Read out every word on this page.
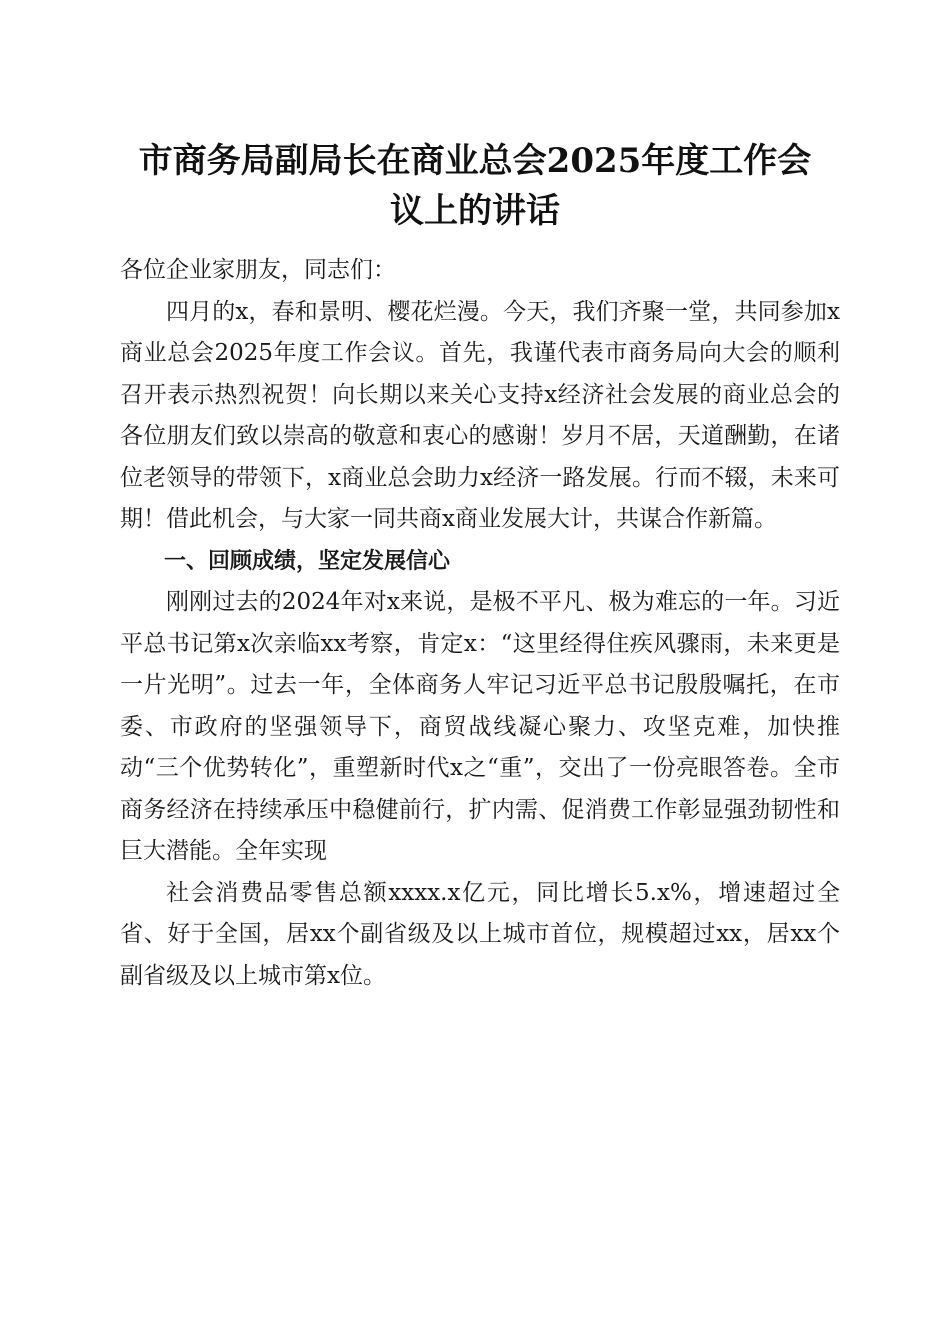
市商务局副局长在商业总会2025年度工作会
议上的讲话

各位企业家朋友，同志们：

四月的x，春和景明、樱花烂漫。今天，我们齐聚一堂，共同参加x商业总会2025年度工作会议。首先，我谨代表市商务局向大会的顺利召开表示热烈祝贺！向长期以来关心支持x经济社会发展的商业总会的各位朋友们致以崇高的敬意和衷心的感谢！岁月不居，天道酬勤，在诸位老领导的带领下，x商业总会助力x经济一路发展。行而不辍，未来可期！借此机会，与大家一同共商x商业发展大计，共谋合作新篇。

一、回顾成绩，坚定发展信心

刚刚过去的2024年对x来说，是极不平凡、极为难忘的一年。习近平总书记第x次亲临xx考察，肯定x：“这里经得住疾风骤雨，未来更是一片光明”。过去一年，全体商务人牢记习近平总书记殷殷嘱托，在市委、市政府的坚强领导下，商贸战线凝心聚力、攻坚克难，加快推动“三个优势转化”，重塑新时代x之“重”，交出了一份亮眼答卷。全市商务经济在持续承压中稳健前行，扩内需、促消费工作彰显强劲韧性和巨大潜能。全年实现

社会消费品零售总额xxxx.x亿元，同比增长5.x%，增速超过全省、好于全国，居xx个副省级及以上城市首位，规模超过xx，居xx个副省级及以上城市第x位。
